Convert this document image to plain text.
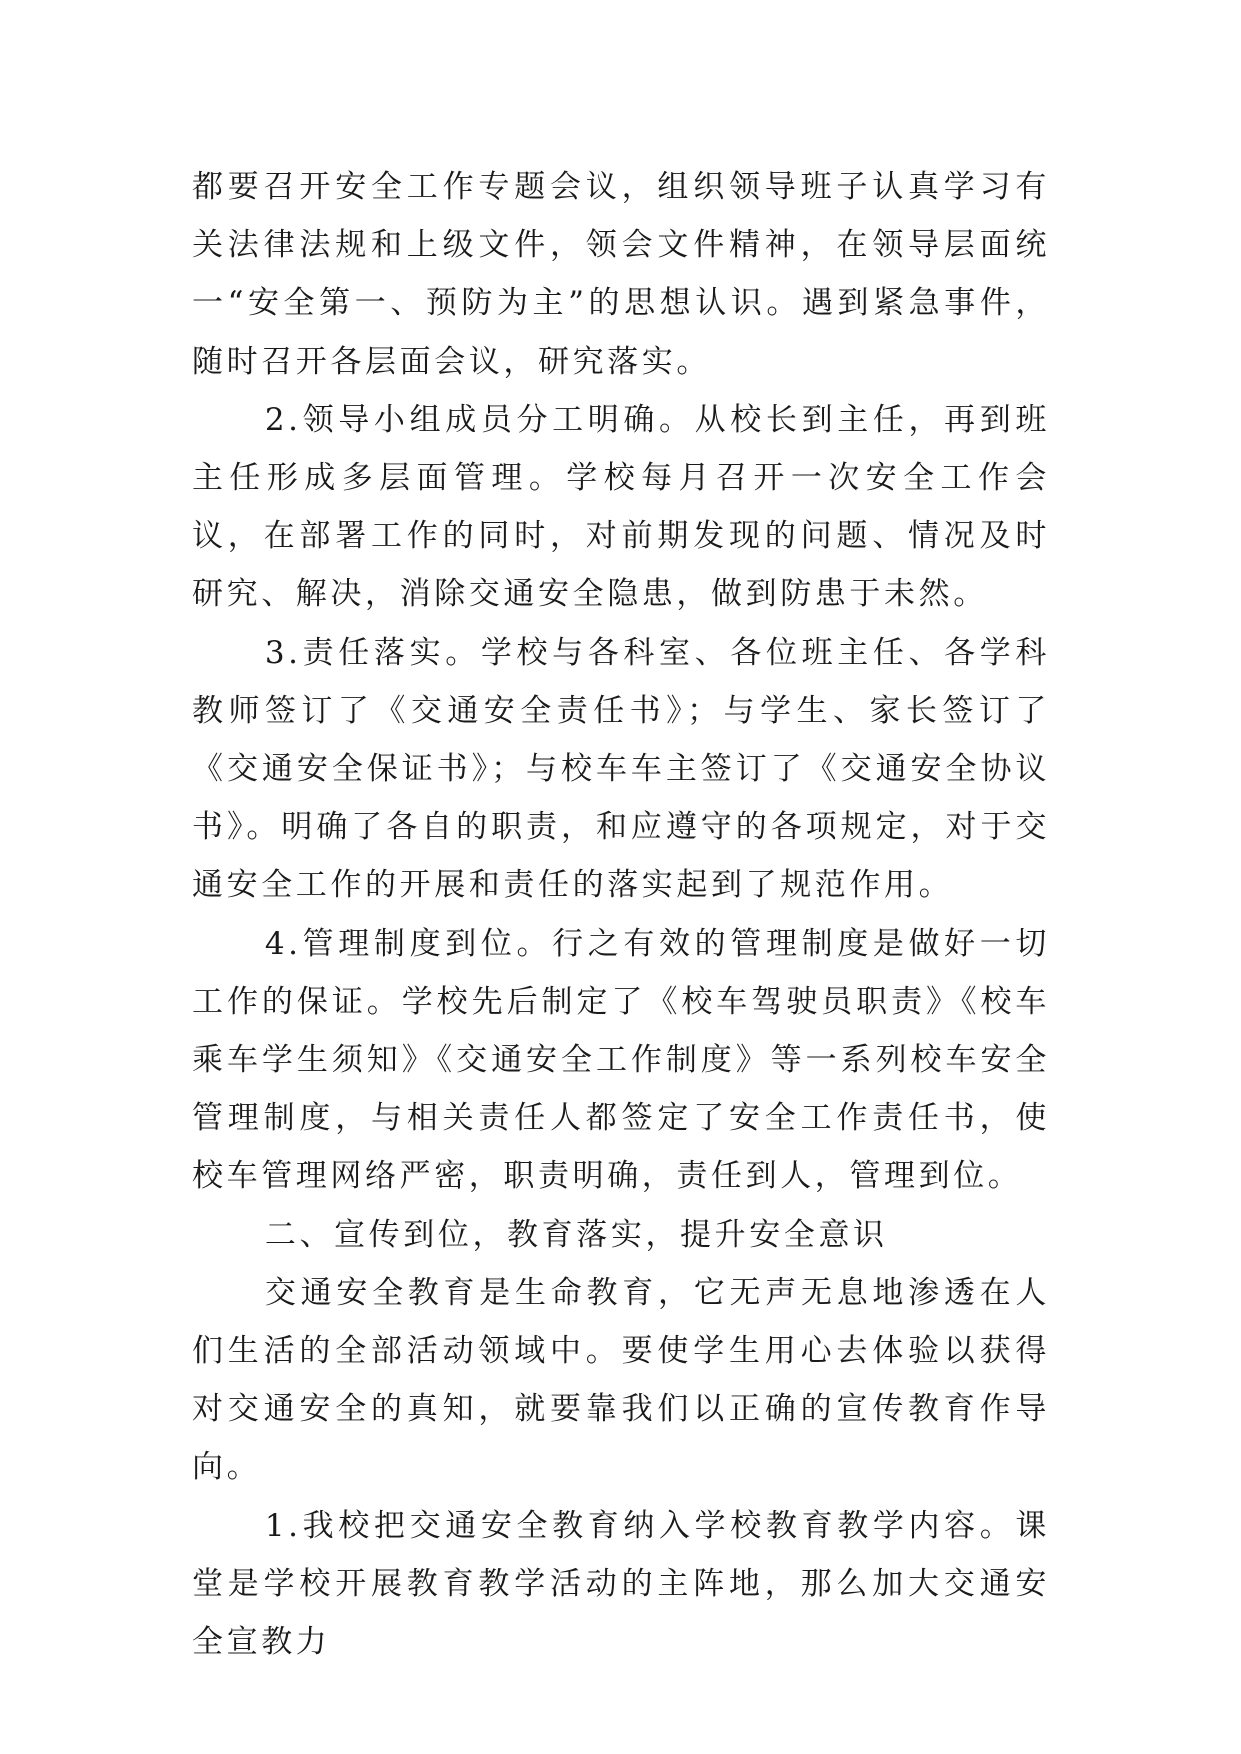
都要召开安全工作专题会议，组织领导班子认真学习有关法律法规和上级文件，领会文件精神，在领导层面统一“安全第一、预防为主”的思想认识。遇到紧急事件，随时召开各层面会议，研究落实。

2.领导小组成员分工明确。从校长到主任，再到班主任形成多层面管理。学校每月召开一次安全工作会议，在部署工作的同时，对前期发现的问题、情况及时研究、解决，消除交通安全隐患，做到防患于未然。

3.责任落实。学校与各科室、各位班主任、各学科教师签订了《交通安全责任书》；与学生、家长签订了《交通安全保证书》；与校车车主签订了《交通安全协议书》。明确了各自的职责，和应遵守的各项规定，对于交通安全工作的开展和责任的落实起到了规范作用。

4.管理制度到位。行之有效的管理制度是做好一切工作的保证。学校先后制定了《校车驾驶员职责》《校车乘车学生须知》《交通安全工作制度》等一系列校车安全管理制度，与相关责任人都签定了安全工作责任书，使校车管理网络严密，职责明确，责任到人，管理到位。

二、宣传到位，教育落实，提升安全意识

交通安全教育是生命教育，它无声无息地渗透在人们生活的全部活动领域中。要使学生用心去体验以获得对交通安全的真知，就要靠我们以正确的宣传教育作导向。

1.我校把交通安全教育纳入学校教育教学内容。课堂是学校开展教育教学活动的主阵地，那么加大交通安全宣教力
